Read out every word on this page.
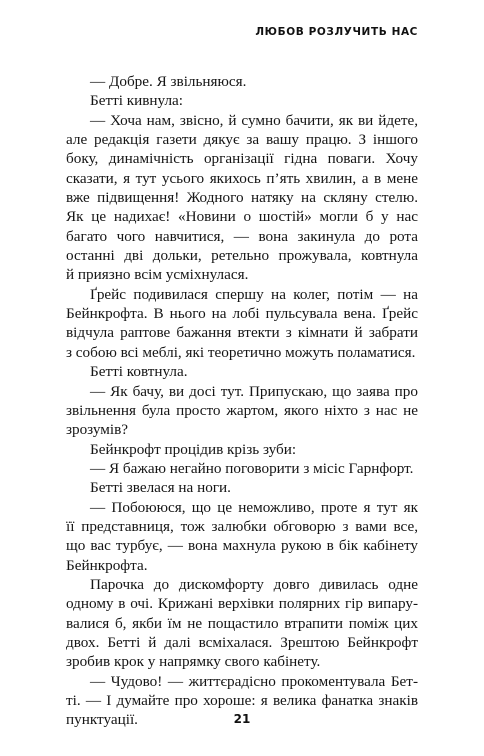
ЛЮБОВ РОЗЛУЧИТЬ НАС
— Добре. Я звільняюся.
Бетті кивнула:
— Хоча нам, звісно, й сумно бачити, як ви йдете,
але редакція газети дякує за вашу працю. З іншого
боку, динамічність організації гідна поваги. Хочу
сказати, я тут усього якихось п’ять хвилин, а в мене
вже підвищення! Жодного натяку на скляну стелю.
Як це надихає! «Новини о шостій» могли б у нас
багато чого навчитися, — вона закинула до рота
останні дві дольки, ретельно прожувала, ковтнула
й приязно всім усміхнулася.
Ґрейс подивилася спершу на колег, потім — на
Бейнкрофта. В нього на лобі пульсувала вена. Ґрейс
відчула раптове бажання втекти з кімнати й забрати
з собою всі меблі, які теоретично можуть поламатися.
Бетті ковтнула.
— Як бачу, ви досі тут. Припускаю, що заява про
звільнення була просто жартом, якого ніхто з нас не
зрозумів?
Бейнкрофт процідив крізь зуби:
— Я бажаю негайно поговорити з місіс Гарнфорт.
Бетті звелася на ноги.
— Побоююся, що це неможливо, проте я тут як
її представниця, тож залюбки обговорю з вами все,
що вас турбує, — вона махнула рукою в бік кабінету
Бейнкрофта.
Парочка до дискомфорту довго дивилась одне
одному в очі. Крижані верхівки полярних гір випару-
валися б, якби їм не пощастило втрапити поміж цих
двох. Бетті й далі всміхалася. Зрештою Бейнкрофт
зробив крок у напрямку свого кабінету.
— Чудово! — життєрадісно прокоментувала Бет-
ті. — І думайте про хороше: я велика фанатка знаків
пунктуації.	21
